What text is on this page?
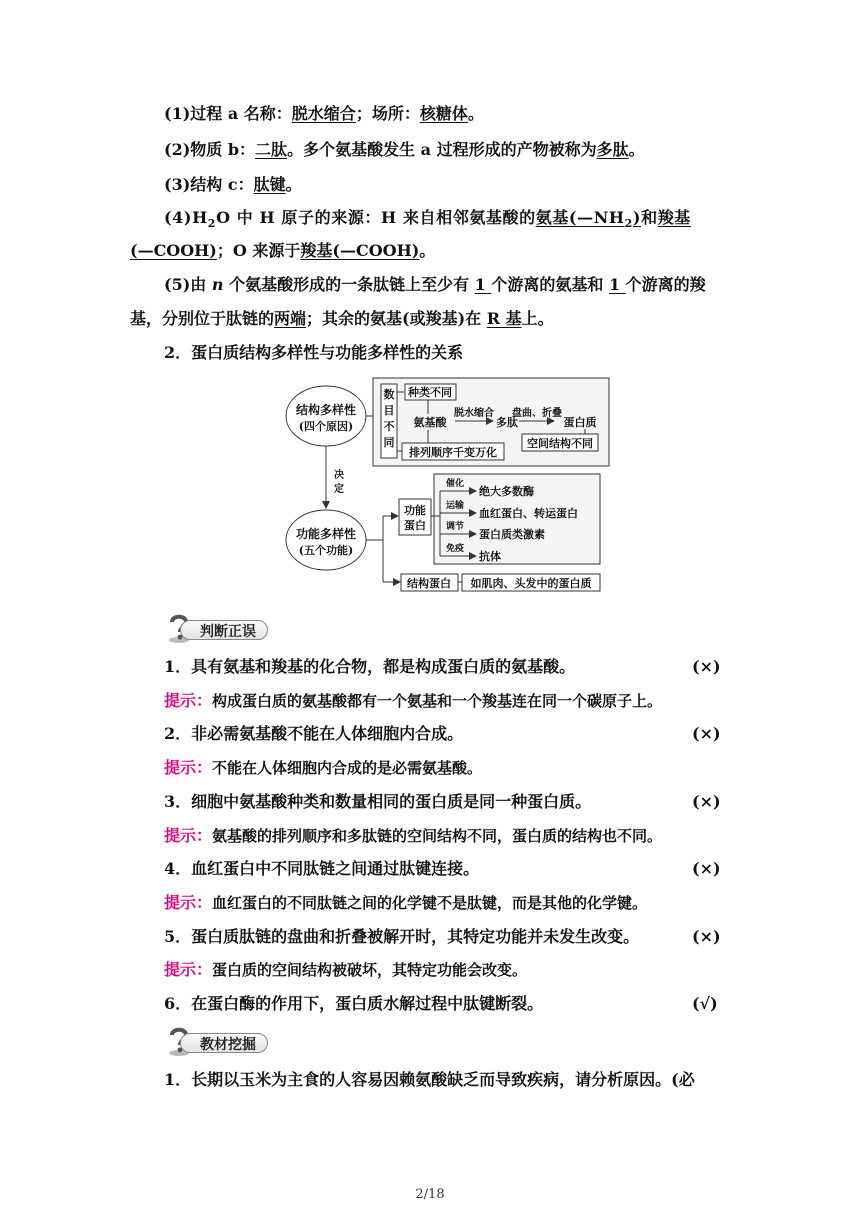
(1)过程 a 名称：脱水缩合；场所：核糖体。
(2)物质 b：二肽。多个氨基酸发生 a 过程形成的产物被称为多肽。
(3)结构 c：肽键。
$(4)H_2O$ 中 H 原子的来源：H 来自相邻氨基酸的氨基$(—NH_2)$和羧基
(—COOH)；O 来源于羧基(—COOH)。
(5)由 n 个氨基酸形成的一条肽链上至少有 1 个游离的氨基和 1 个游离的羧
基，分别位于肽链的两端；其余的氨基(或羧基)在 R 基上。
2．蛋白质结构多样性与功能多样性的关系
结构多样性
(四个原因)
决
定
功能多样性
(五个功能)
数
目
不
同
种类不同
氨基酸
排列顺序千变万化
脱水缩合
多肽
盘曲、折叠
蛋白质
空间结构不同
功能
蛋白
催化
绝大多数酶
运输
血红蛋白、转运蛋白
调节
蛋白质类激素
免疫
抗体
结构蛋白 如肌肉、头发中的蛋白质
判断正误
1．具有氨基和羧基的化合物，都是构成蛋白质的氨基酸。	(×)
提示：构成蛋白质的氨基酸都有一个氨基和一个羧基连在同一个碳原子上。
2．非必需氨基酸不能在人体细胞内合成。	(×)
提示：不能在人体细胞内合成的是必需氨基酸。
3．细胞中氨基酸种类和数量相同的蛋白质是同一种蛋白质。	(×)
提示：氨基酸的排列顺序和多肽链的空间结构不同，蛋白质的结构也不同。
4．血红蛋白中不同肽链之间通过肽键连接。	(×)
提示：血红蛋白的不同肽链之间的化学键不是肽键，而是其他的化学键。
5．蛋白质肽链的盘曲和折叠被解开时，其特定功能并未发生改变。	(×)
提示：蛋白质的空间结构被破坏，其特定功能会改变。
6．在蛋白酶的作用下，蛋白质水解过程中肽键断裂。	(√)
教材挖掘
1．长期以玉米为主食的人容易因赖氨酸缺乏而导致疾病，请分析原因。(必
2/18
